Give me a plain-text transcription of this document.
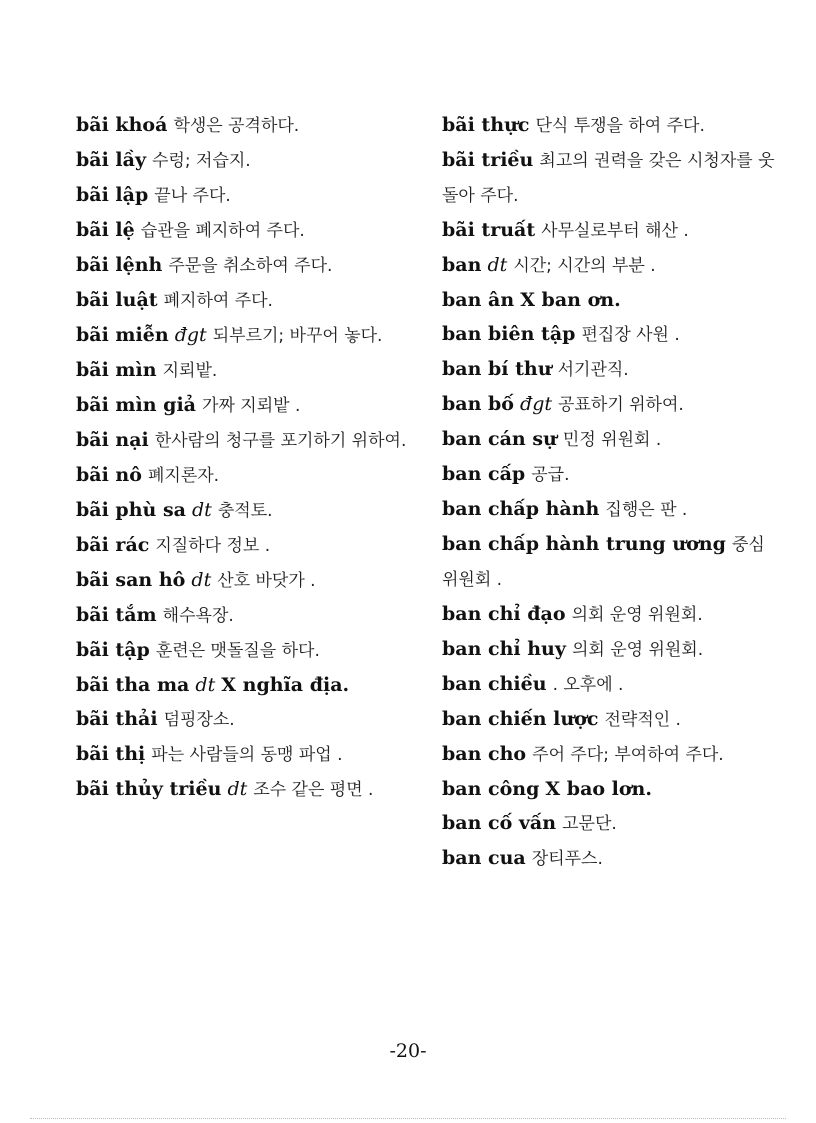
bãi khoá 학생은 공격하다.

bãi lầy 수렁; 저습지.

bãi lập 끝나 주다.

bãi lệ 습관을 폐지하여 주다.

bãi lệnh 주문을 취소하여 주다.

bãi luật 폐지하여 주다.

bãi miễn đgt 되부르기; 바꾸어 놓다.

bãi mìn 지뢰밭.

bãi mìn giả 가짜 지뢰밭 .

bãi nại 한사람의 청구를 포기하기 위하여.

bãi nô 폐지론자.

bãi phù sa dt 충적토.

bãi rác 지질하다 정보 .

bãi san hô dt 산호 바닷가 .

bãi tắm 해수욕장.

bãi tập 훈련은 맷돌질을 하다.

bãi tha ma dt X nghĩa địa.

bãi thải 덤핑장소.

bãi thị 파는 사람들의 동맹 파업 .

bãi thủy triều dt 조수 같은 평면 .

bãi thực 단식 투쟁을 하여 주다.

bãi triều 최고의 권력을 갖은 시청자를 웃돌아 주다.

bãi truất 사무실로부터 해산 .

ban dt 시간; 시간의 부분 .

ban ân X ban ơn.

ban biên tập 편집장 사원 .

ban bí thư 서기관직.

ban bố đgt 공표하기 위하여.

ban cán sự 민정 위원회 .

ban cấp 공급.

ban chấp hành 집행은 판 .

ban chấp hành trung ương 중심 위원회 .

ban chỉ đạo 의회 운영 위원회.

ban chỉ huy 의회 운영 위원회.

ban chiều . 오후에 .

ban chiến lược 전략적인 .

ban cho 주어 주다; 부여하여 주다.

ban công X bao lơn.

ban cố vấn 고문단.

ban cua 장티푸스.

-20-
